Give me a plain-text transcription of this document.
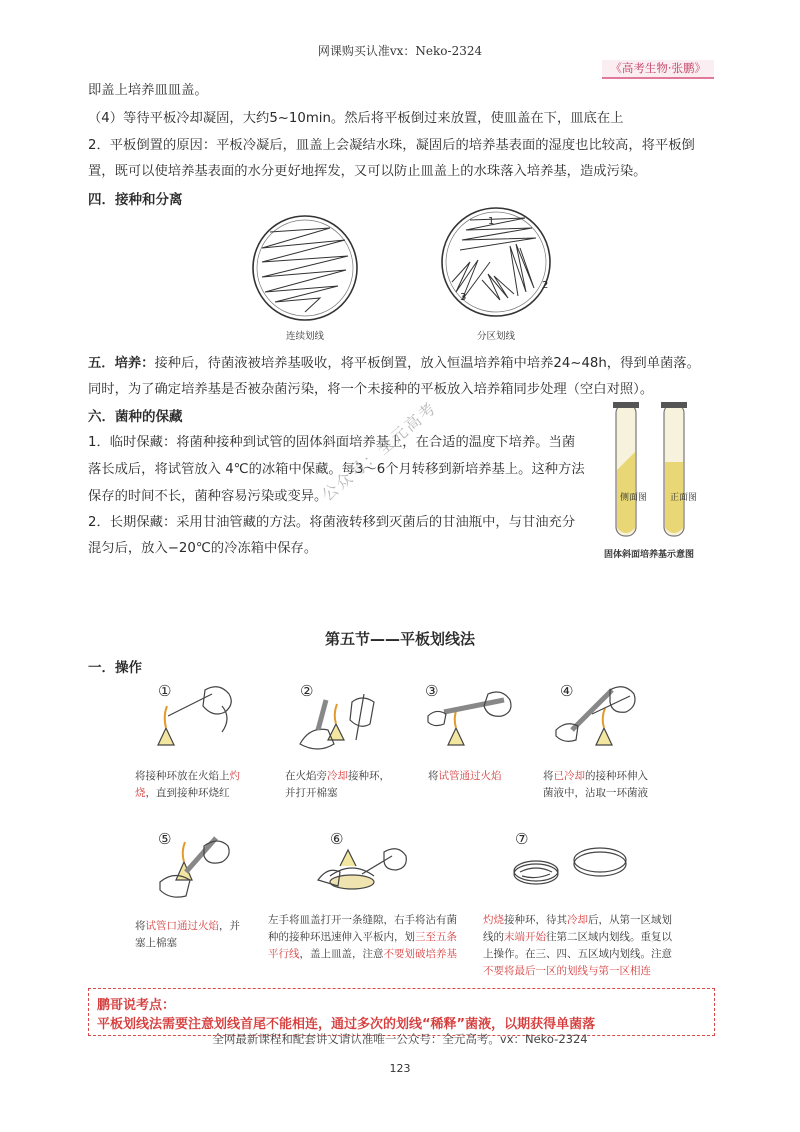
网课购买认准vx：Neko-2324
《高考生物·张鹏》
即盖上培养皿皿盖。
（4）等待平板冷却凝固，大约5~10min。然后将平板倒过来放置，使皿盖在下，皿底在上
2．平板倒置的原因：平板冷凝后，皿盖上会凝结水珠，凝固后的培养基表面的湿度也比较高，将平板倒
置，既可以使培养基表面的水分更好地挥发，又可以防止皿盖上的水珠落入培养基，造成污染。
四．接种和分离
1
2
3
连续划线	分区划线
五．培养：接种后，待菌液被培养基吸收，将平板倒置，放入恒温培养箱中培养24~48h，得到单菌落。
同时，为了确定培养基是否被杂菌污染，将一个未接种的平板放入培养箱同步处理（空白对照）。
六．菌种的保藏
1．临时保藏：将菌种接种到试管的固体斜面培养基上，在合适的温度下培养。当菌
落长成后，将试管放入 4℃的冰箱中保藏。每3～6个月转移到新培养基上。这种方法
保存的时间不长，菌种容易污染或变异。
2．长期保藏：采用甘油管藏的方法。将菌液转移到灭菌后的甘油瓶中，与甘油充分
混匀后，放入−20℃的冷冻箱中保存。
侧面图	正面图
固体斜面培养基示意图
公众号：全元高考
第五节——平板划线法
一．操作
①	②	③	④
⑤	⑥	⑦
将接种环放在火焰上灼
烧，直到接种环烧红
在火焰旁冷却接种环，
并打开棉塞
将试管通过火焰	将已冷却的接种环伸入
菌液中，沾取一环菌液
将试管口通过火焰，并
塞上棉塞
左手将皿盖打开一条缝隙，右手将沾有菌
种的接种环迅速伸入平板内，划三至五条
平行线，盖上皿盖，注意不要划破培养基
灼烧接种环，待其冷却后，从第一区域划
线的末端开始往第二区域内划线。重复以
上操作。在三、四、五区域内划线。注意
不要将最后一区的划线与第一区相连
鹏哥说考点：
平板划线法需要注意划线首尾不能相连，通过多次的划线“稀释”菌液，以期获得单菌落
全网最新课程和配套讲义请认准唯一公众号：全元高考。vx：Neko-2324
123
